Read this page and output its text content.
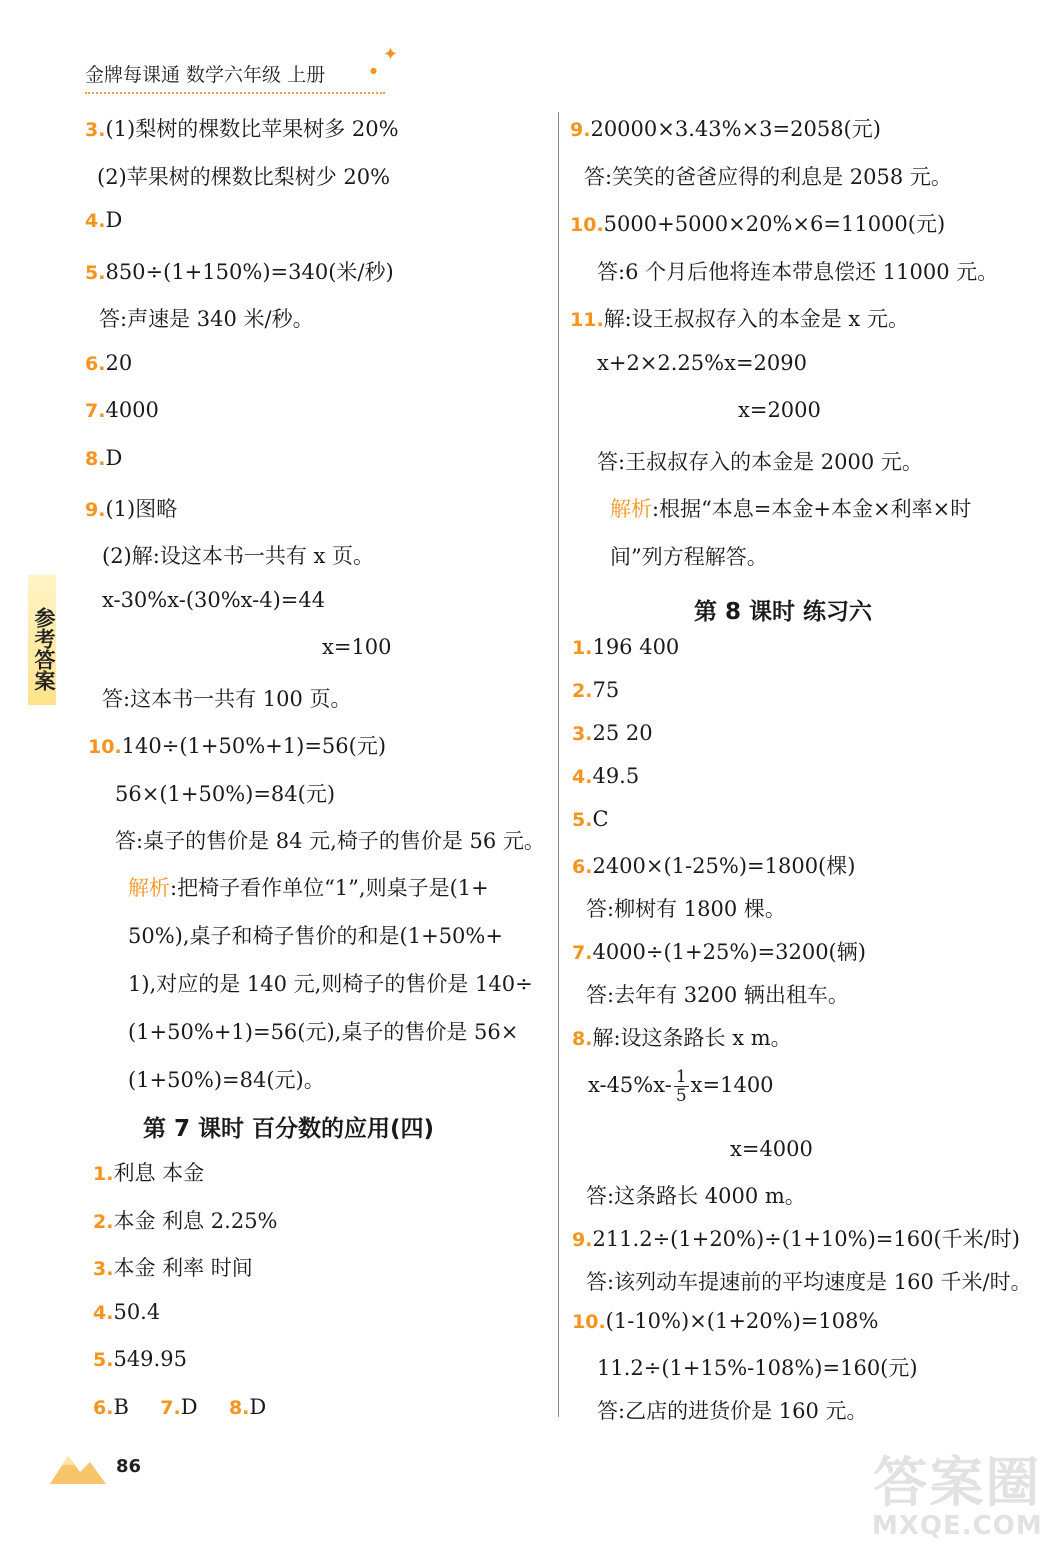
✦
●
金牌每课通 数学六年级 上册
参考答案
3.(1)梨树的棵数比苹果树多 20%
(2)苹果树的棵数比梨树少 20%
4.D
5.850÷(1+150%)=340(米/秒)
答:声速是 340 米/秒。
6.20
7.4000
8.D
9.(1)图略
(2)解:设这本书一共有 x 页。
x-30%x-(30%x-4)=44
x=100
答:这本书一共有 100 页。
10.140÷(1+50%+1)=56(元)
56×(1+50%)=84(元)
答:桌子的售价是 84 元,椅子的售价是 56 元。
解析:把椅子看作单位“1”,则桌子是(1+
50%),桌子和椅子售价的和是(1+50%+
1),对应的是 140 元,则椅子的售价是 140÷
(1+50%+1)=56(元),桌子的售价是 56×
(1+50%)=84(元)。
第 7 课时 百分数的应用(四)
1.利息 本金
2.本金 利息 2.25%
3.本金 利率 时间
4.50.4
5.549.95
6.B 7.D 8.D
9.20000×3.43%×3=2058(元)
答:笑笑的爸爸应得的利息是 2058 元。
10.5000+5000×20%×6=11000(元)
答:6 个月后他将连本带息偿还 11000 元。
11.解:设王叔叔存入的本金是 x 元。
x+2×2.25%x=2090
x=2000
答:王叔叔存入的本金是 2000 元。
解析:根据“本息=本金+本金×利率×时
间”列方程解答。
第 8 课时 练习六
1.196 400
2.75
3.25 20
4.49.5
5.C
6.2400×(1-25%)=1800(棵)
答:柳树有 1800 棵。
7.4000÷(1+25%)=3200(辆)
答:去年有 3200 辆出租车。
8.解:设这条路长 x m。
$x-45\%x- \frac{1}{5} x=1400$
x=4000
答:这条路长 4000 m。
9.211.2÷(1+20%)÷(1+10%)=160(千米/时)
答:该列动车提速前的平均速度是 160 千米/时。
10.(1-10%)×(1+20%)=108%
11.2÷(1+15%-108%)=160(元)
答:乙店的进货价是 160 元。
86	答案圈
MXQE.COM
